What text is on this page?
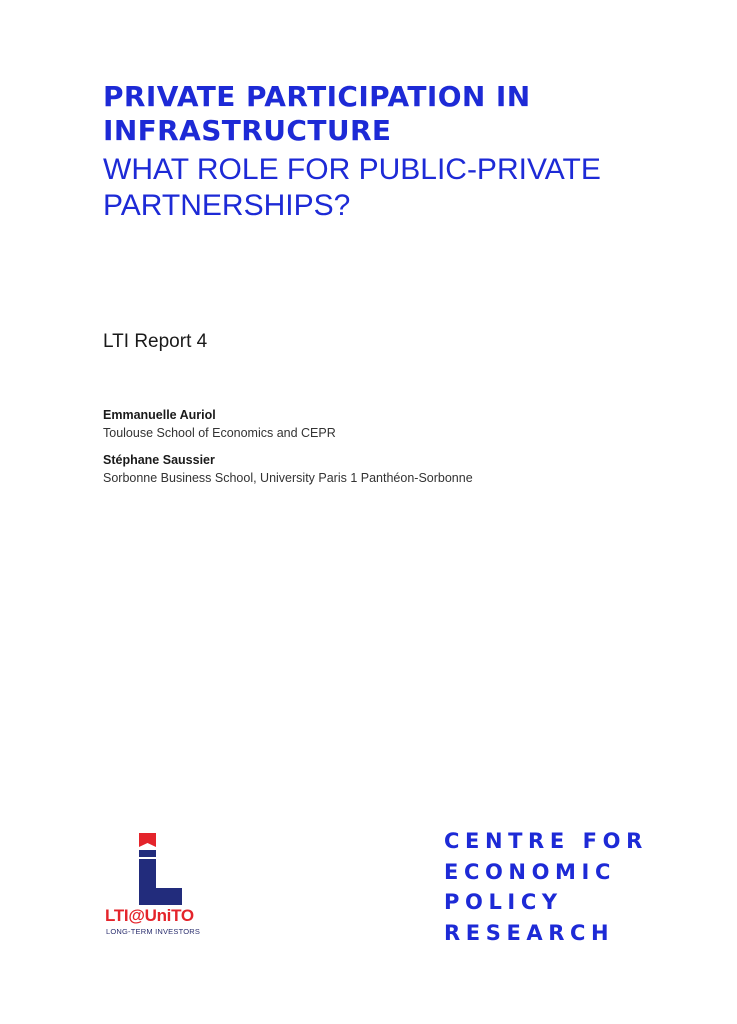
PRIVATE PARTICIPATION IN
INFRASTRUCTURE
WHAT ROLE FOR PUBLIC-PRIVATE
PARTNERSHIPS?
LTI Report 4
Emmanuelle Auriol
Toulouse School of Economics and CEPR
Stéphane Saussier
Sorbonne Business School, University Paris 1 Panthéon-Sorbonne
LTI@UniTO
LONG-TERM INVESTORS
CENTRE FOR
ECONOMIC
POLICY
RESEARCH
